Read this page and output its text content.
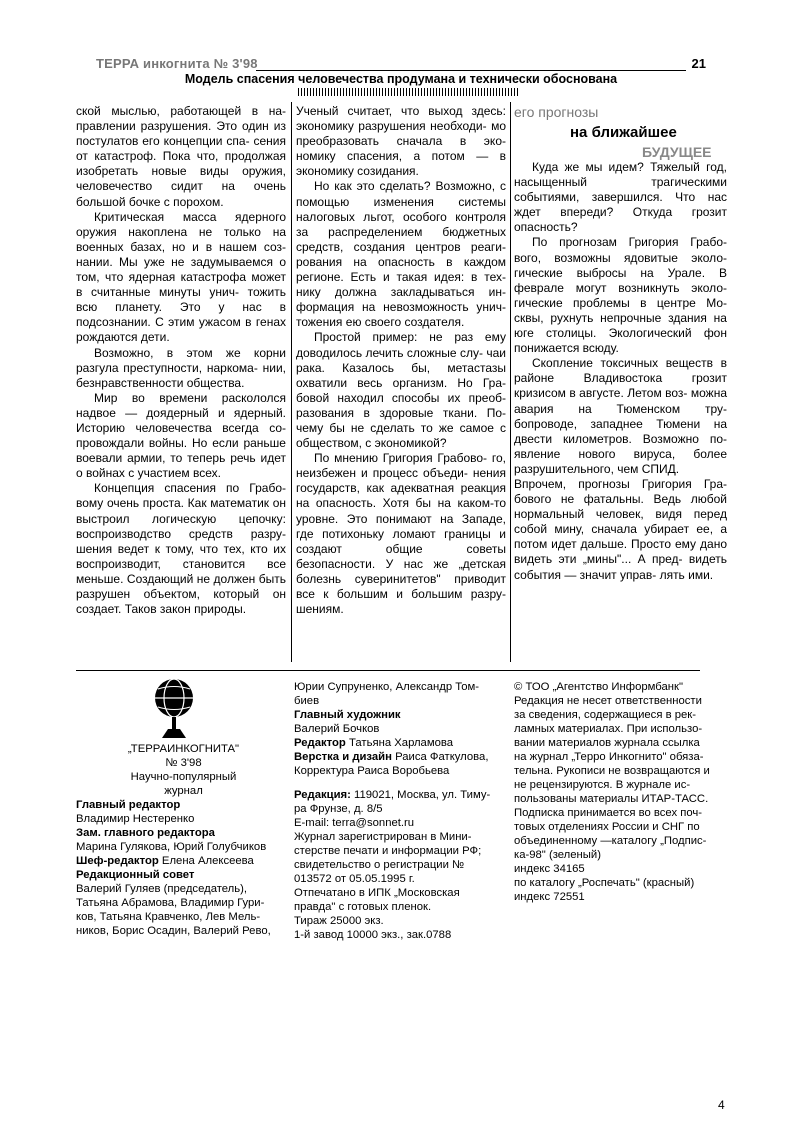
ТЕРРА инкогнита № 3'98	21
Модель спасения человечества продумана и технически обоснована

ской мыслью, работающей в на- правлении разрушения. Это один из постулатов его концепции спа- сения от катастроф. Пока что, продолжая изобретать новые виды оружия, человечество сидит на очень большой бочке с порохом.

Критическая масса ядерного оружия накоплена не только на военных базах, но и в нашем соз- нании. Мы уже не задумываемся о том, что ядерная катастрофа может в считанные минуты унич- тожить всю планету. Это у нас в подсознании. С этим ужасом в генах рождаются дети.

Возможно, в этом же корни разгула преступности, наркома- нии, безнравственности общества.

Мир во времени раскололся надвое — доядерный и ядерный. Историю человечества всегда со- провождали войны. Но если раньше воевали армии, то теперь речь идет о войнах с участием всех.

Концепция спасения по Грабо- вому очень проста. Как математик он выстроил логическую цепочку: воспроизводство средств разру- шения ведет к тому, что тех, кто их воспроизводит, становится все меньше. Создающий не должен быть разрушен объектом, который он создает. Таков закон природы.

Ученый считает, что выход здесь: экономику разрушения необходи- мо преобразовать сначала в эко- номику спасения, а потом — в экономику созидания.

Но как это сделать? Возможно, с помощью изменения системы налоговых льгот, особого контроля за распределением бюджетных средств, создания центров реаги- рования на опасность в каждом регионе. Есть и такая идея: в тех- нику должна закладываться ин- формация на невозможность унич- тожения ею своего создателя.

Простой пример: не раз ему доводилось лечить сложные слу- чаи рака. Казалось бы, метастазы охватили весь организм. Но Гра- бовой находил способы их преоб- разования в здоровые ткани. По- чему бы не сделать то же самое с обществом, с экономикой?

По мнению Григория Грабово- го, неизбежен и процесс объеди- нения государств, как адекватная реакция на опасность. Хотя бы на каком-то уровне. Это понимают на Западе, где потихоньку ломают границы и создают общие советы безопасности. У нас же „детская болезнь суверинитетов" приводит все к большим и большим разру- шениям.

его прогнозы
на ближайшее
БУДУЩЕЕ

Куда же мы идем? Тяжелый год, насыщенный трагическими событиями, завершился. Что нас ждет впереди? Откуда грозит опасность?

По прогнозам Григория Грабо- вого, возможны ядовитые эколо- гические выбросы на Урале. В феврале могут возникнуть эколо- гические проблемы в центре Мо- сквы, рухнуть непрочные здания на юге столицы. Экологический фон понижается всюду.

Скопление токсичных веществ в районе Владивостока грозит кризисом в августе. Летом воз- можна авария на Тюменском тру- бопроводе, западнее Тюмени на двести километров. Возможно по- явление нового вируса, более разрушительного, чем СПИД.

Впрочем, прогнозы Григория Гра- бового не фатальны. Ведь любой нормальный человек, видя перед собой мину, сначала убирает ее, а потом идет дальше. Просто ему дано видеть эти „мины"... А пред- видеть события — значит управ- лять ими.

„ТЕРРАИНКОГНИТА"
№ 3'98
Научно-популярный
журнал
Главный редактор
Владимир Нестеренко
Зам. главного редактора
Марина Гулякова, Юрий Голубчиков
Шеф-редактор Елена Алексеева
Редакционный совет
Валерий Гуляев (председатель),
Татьяна Абрамова, Владимир Гури-
ков, Татьяна Кравченко, Лев Мель-
ников, Борис Осадин, Валерий Рево,
Юрии Супруненко, Александр Том-
биев
Главный художник
Валерий Бочков
Редактор Татьяна Харламова
Верстка и дизайн Раиса Фаткулова,
Корректура Раиса Воробьева
Редакция: 119021, Москва, ул. Тиму-
ра Фрунзе, д. 8/5
E-mail: terra@sonnet.ru
Журнал зарегистрирован в Мини-
стерстве печати и информации РФ;
свидетельство о регистрации №
013572 от 05.05.1995 г.
Отпечатано в ИПК „Московская
правда" с готовых пленок.
Тираж 25000 экз.
1-й завод 10000 экз., зак.0788
© ТОО „Агентство Информбанк"
Редакция не несет ответственности
за сведения, содержащиеся в рек-
ламных материалах. При использо-
вании материалов журнала ссылка
на журнал „Терро Инкогнито" обяза-
тельна. Рукописи не возвращаются и
не рецензируются. В журнале ис-
пользованы материалы ИТАР-ТАСС.
Подписка принимается во всех поч-
товых отделениях России и СНГ по
объединенному —каталогу „Подпис-
ка-98" (зеленый)
индекс 34165
по каталогу „Роспечать" (красный)
индекс 72551
4
